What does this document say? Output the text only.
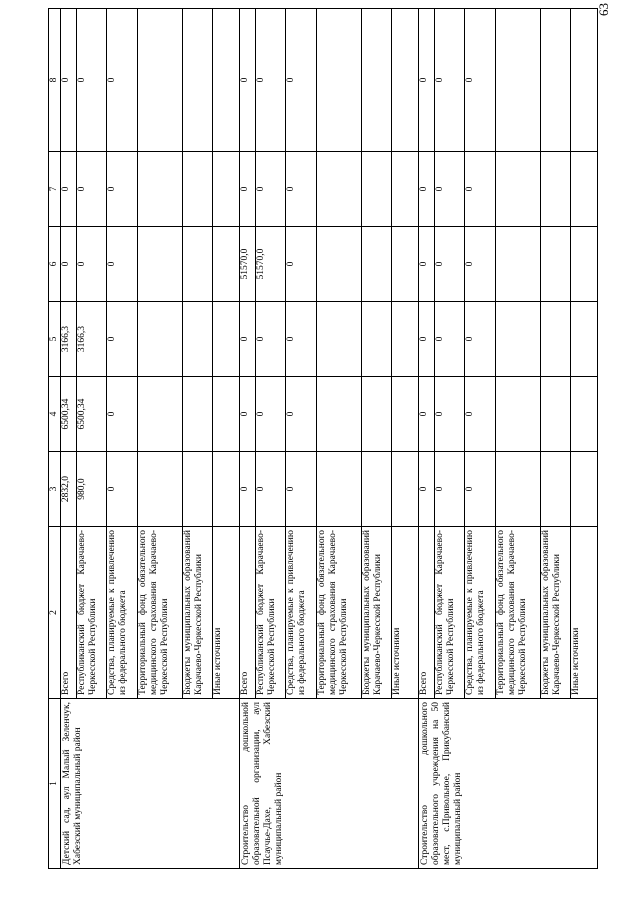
63
1	2	3	4	5	6	7	8
Детский сад, аул Малый Зеленчук, Хабезский муниципальный район	Всего	2832,0	6500,34	3166,3	0	0	0
	Республиканский бюджет Карачаево-Черкесской Республики	980,0	6500,34	3166,3	0	0	0
	Средства, планируемые к привлечению из федерального бюджета	0	0	0	0	0	0
	Территориальный фонд обязательного медицинского страхования Карачаево-Черкесской Республики						
	Бюджеты муниципальных образований Карачаево-Черкесской Республики						
	Иные источники						
Строительство дошкольной образовательной организации, аул Псаучье-Дахе, Хабезский муниципальный район	Всего	0	0	0	51570,0	0	0
	Республиканский бюджет Карачаево-Черкесской Республики	0	0	0	51570,0	0	0
	Средства, планируемые к привлечению из федерального бюджета	0	0	0	0	0	0
	Территориальный фонд обязательного медицинского страхования Карачаево-Черкесской Республики						
	Бюджеты муниципальных образований Карачаево-Черкесской Республики						
	Иные источники						
Строительство дошкольного образовательного учреждения на 50 мест, с.Привольное, Прикубанский муниципальный район	Всего	0	0	0	0	0	0
	Республиканский бюджет Карачаево-Черкесской Республики	0	0	0	0	0	0
	Средства, планируемые к привлечению из федерального бюджета	0	0	0	0	0	0
	Территориальный фонд обязательного медицинского страхования Карачаево-Черкесской Республики						
	Бюджеты муниципальных образований Карачаево-Черкесской Республики						
	Иные источники						
